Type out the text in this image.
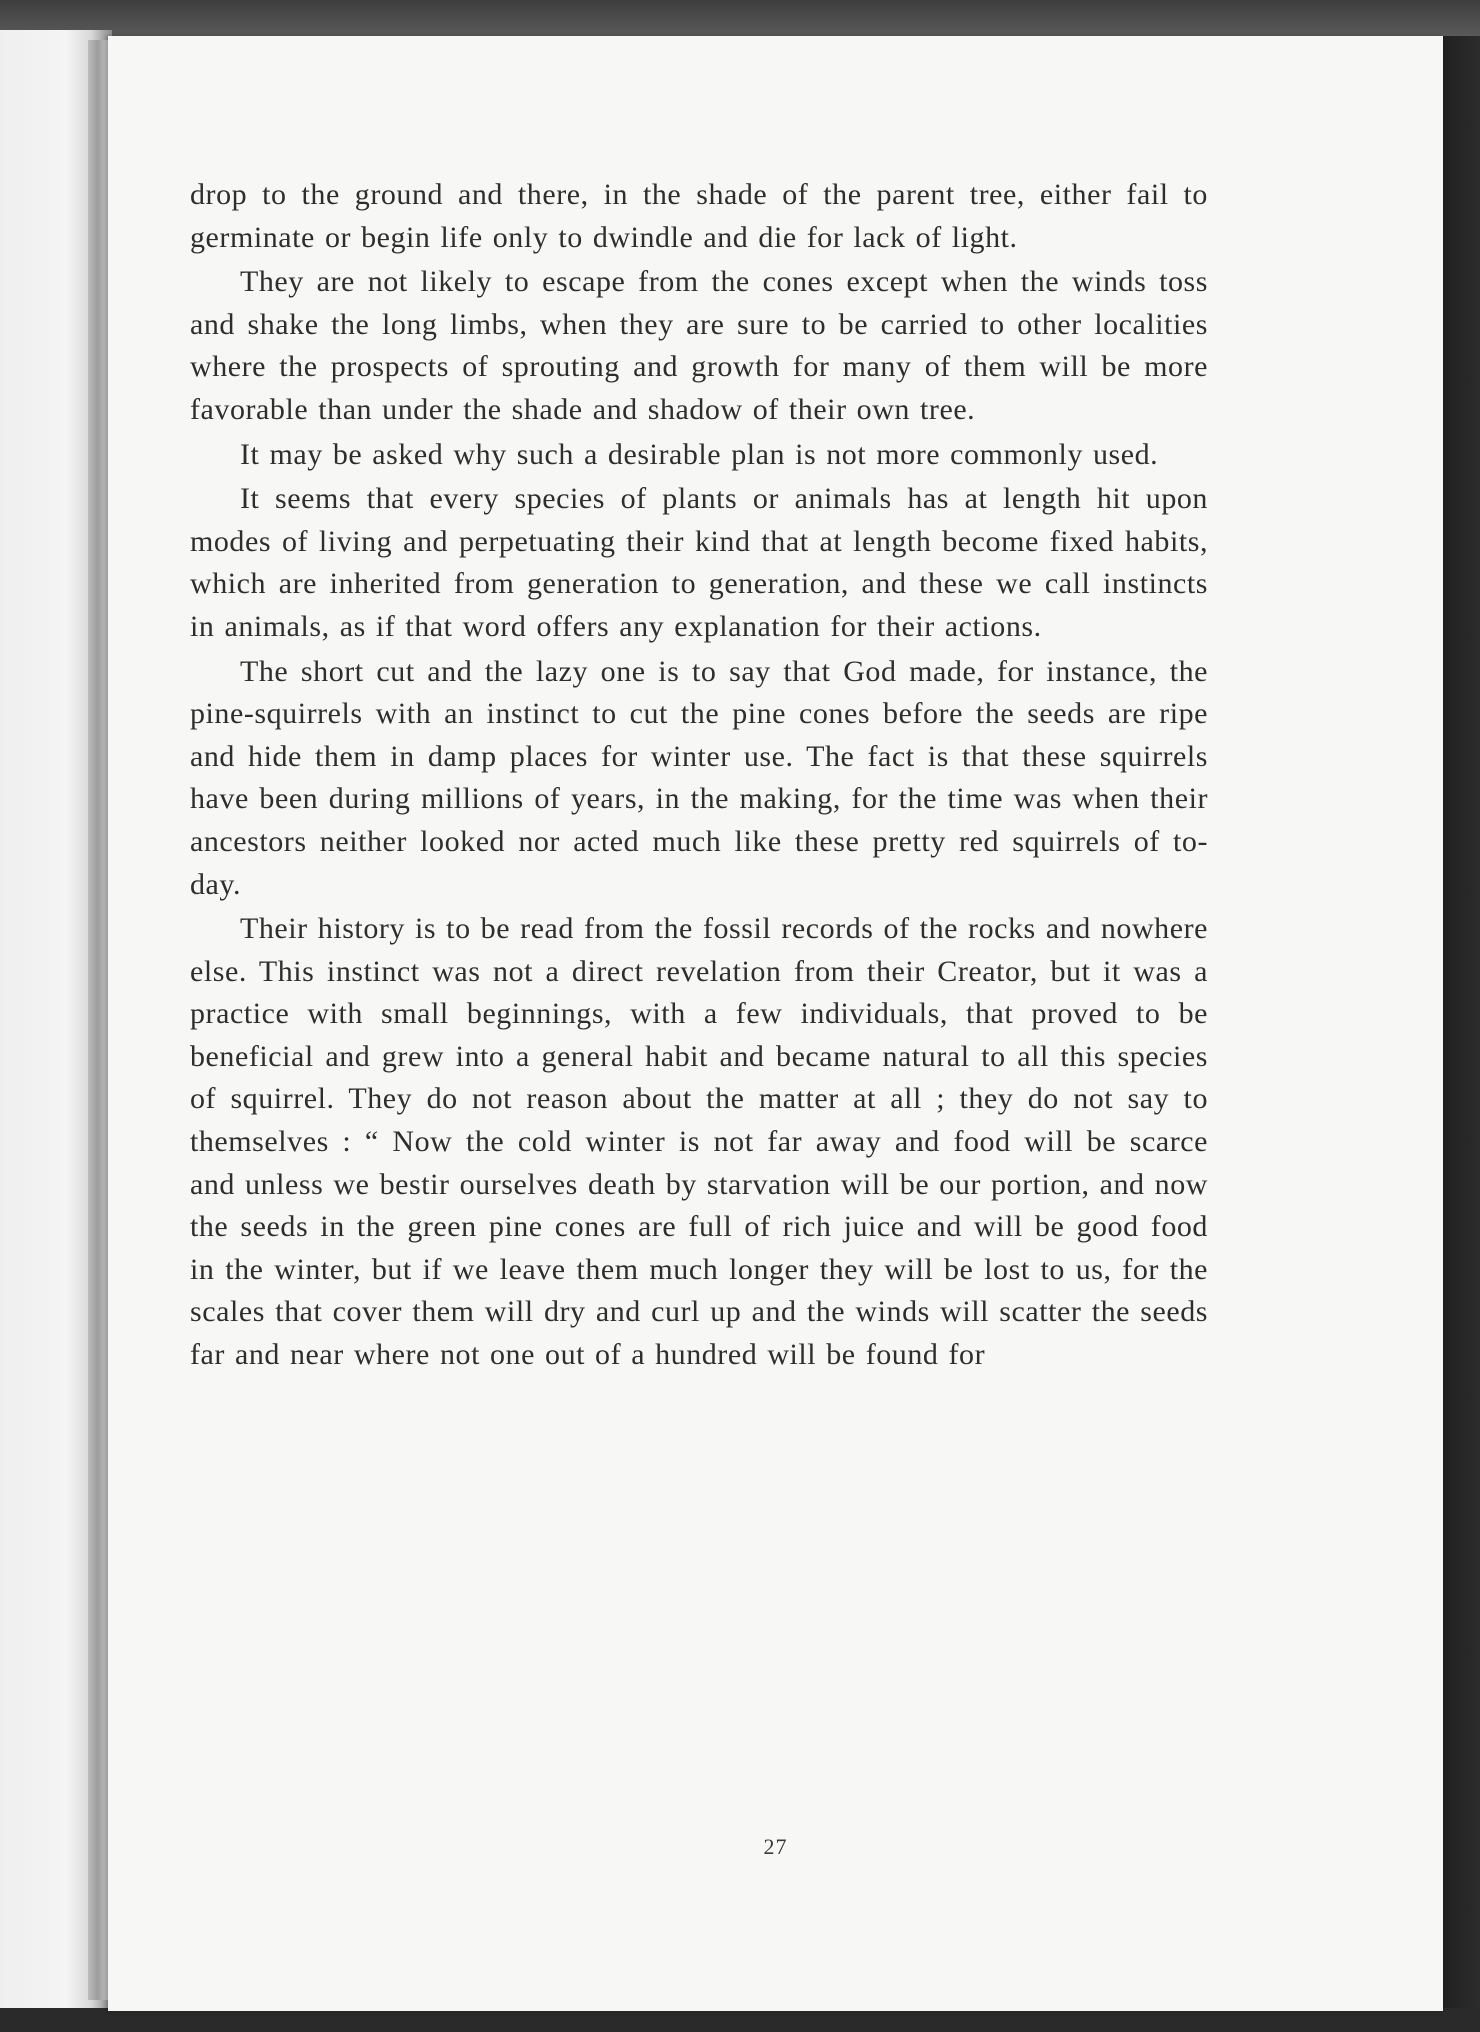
27

drop to the ground and there, in the shade of the parent tree, either fail to germinate or begin life only to dwindle and die for lack of light.

They are not likely to escape from the cones except when the winds toss and shake the long limbs, when they are sure to be carried to other localities where the prospects of sprouting and growth for many of them will be more favorable than under the shade and shadow of their own tree.

It may be asked why such a desirable plan is not more commonly used.

It seems that every species of plants or animals has at length hit upon modes of living and perpetuating their kind that at length become fixed habits, which are inherited from generation to generation, and these we call instincts in animals, as if that word offers any explanation for their actions.

The short cut and the lazy one is to say that God made, for instance, the pine-squirrels with an instinct to cut the pine cones before the seeds are ripe and hide them in damp places for winter use. The fact is that these squirrels have been during millions of years, in the making, for the time was when their ancestors neither looked nor acted much like these pretty red squirrels of to-day.

Their history is to be read from the fossil records of the rocks and nowhere else. This instinct was not a direct revelation from their Creator, but it was a practice with small beginnings, with a few individuals, that proved to be beneficial and grew into a general habit and became natural to all this species of squirrel. They do not reason about the matter at all ; they do not say to themselves : “ Now the cold winter is not far away and food will be scarce and unless we bestir ourselves death by starvation will be our portion, and now the seeds in the green pine cones are full of rich juice and will be good food in the winter, but if we leave them much longer they will be lost to us, for the scales that cover them will dry and curl up and the winds will scatter the seeds far and near where not one out of a hundred will be found for
